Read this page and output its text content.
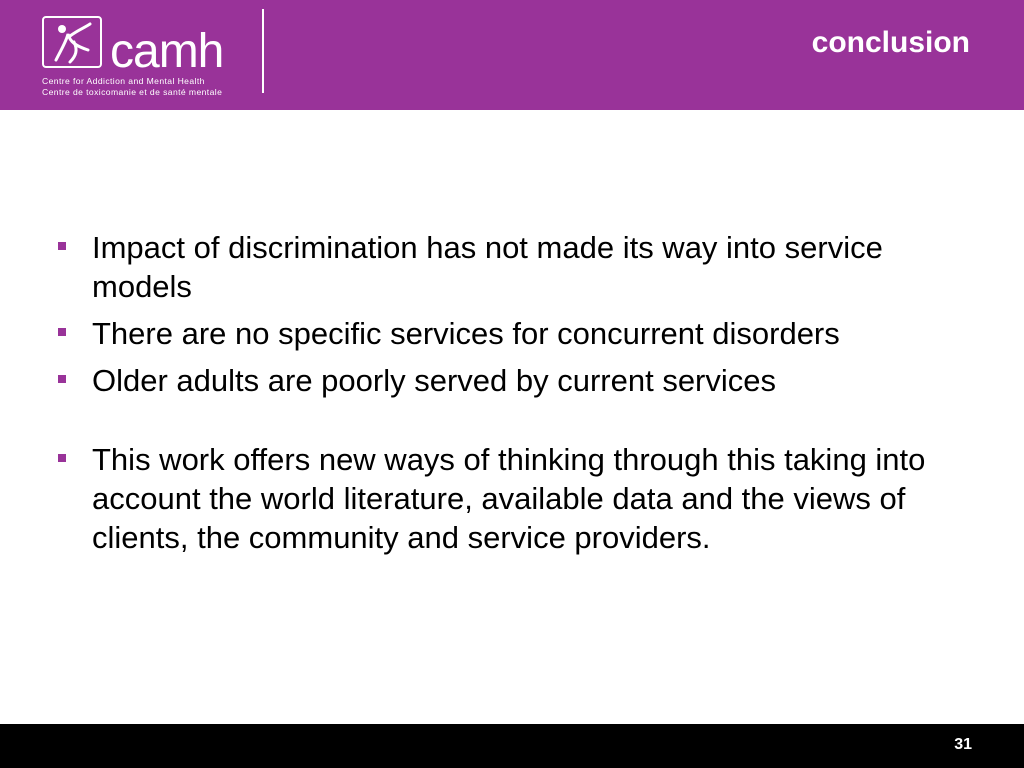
camh
Centre for Addiction and Mental Health
Centre de toxicomanie et de santé mentale
conclusion
Impact of discrimination has not made its way into service models
There are no specific services for concurrent disorders
Older adults are poorly served by current services
This work offers new ways of thinking through this taking into account the world literature, available data and the views of clients, the community and service providers.
31
